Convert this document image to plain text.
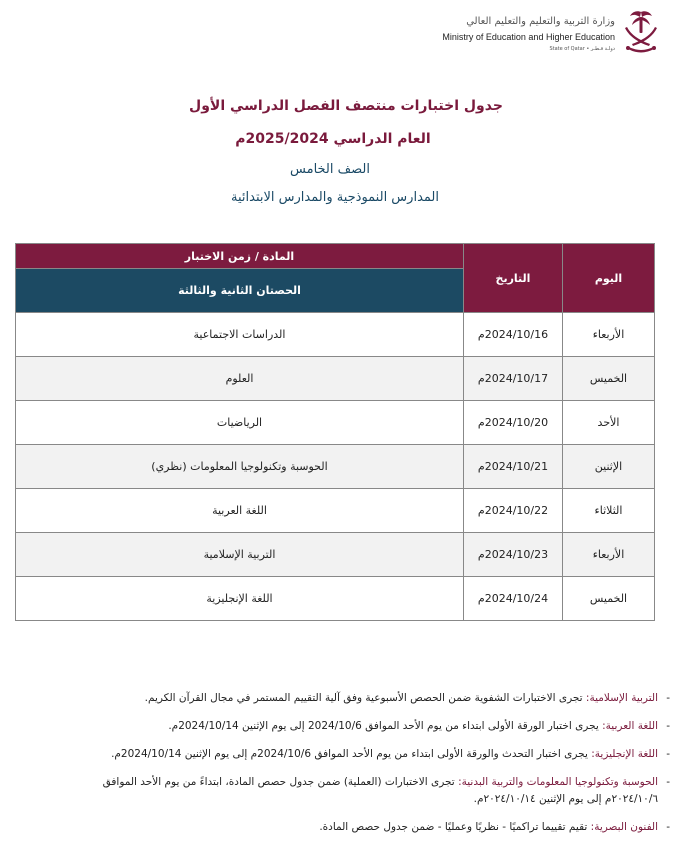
وزارة التربية والتعليم والتعليم العالي
Ministry of Education and Higher Education
State of Qatar • دولـة قـطـر
جدول اختبارات منتصف الفصل الدراسي الأول
العام الدراسي 2025/2024م
الصف الخامس
المدارس النموذجية والمدارس الابتدائية
اليوم	التاريخ	المادة / زمن الاختبار
		الحصتان الثانية والثالثة
الأربعاء	2024/10/16م	الدراسات الاجتماعية
الخميس	2024/10/17م	العلوم
الأحد	2024/10/20م	الرياضيات
الإثنين	2024/10/21م	الحوسبة وتكنولوجيا المعلومات (نظري)
الثلاثاء	2024/10/22م	اللغة العربية
الأربعاء	2024/10/23م	التربية الإسلامية
الخميس	2024/10/24م	اللغة الإنجليزية
- التربية الإسلامية: تجرى الاختبارات الشفوية ضمن الحصص الأسبوعية وفق آلية التقييم المستمر في مجال القرآن الكريم.
- اللغة العربية: يجرى اختبار الورقة الأولى ابتداء من يوم الأحد الموافق 2024/10/6 إلى يوم الإثنين 2024/10/14م.
- اللغة الإنجليزية: يجرى اختبار التحدث والورقة الأولى ابتداء من يوم الأحد الموافق 2024/10/6م إلى يوم الإثنين 2024/10/14م.
- الحوسبة وتكنولوجيا المعلومات والتربية البدنية: تجرى الاختبارات (العملية) ضمن جدول حصص المادة، ابتداءً من يوم الأحد الموافق ٢٠٢٤/١٠/٦م إلى يوم الإثنين ٢٠٢٤/١٠/١٤م.
- الفنون البصرية: تقيم تقييما تراكميًا - نظريًا وعمليًا - ضمن جدول حصص المادة.
